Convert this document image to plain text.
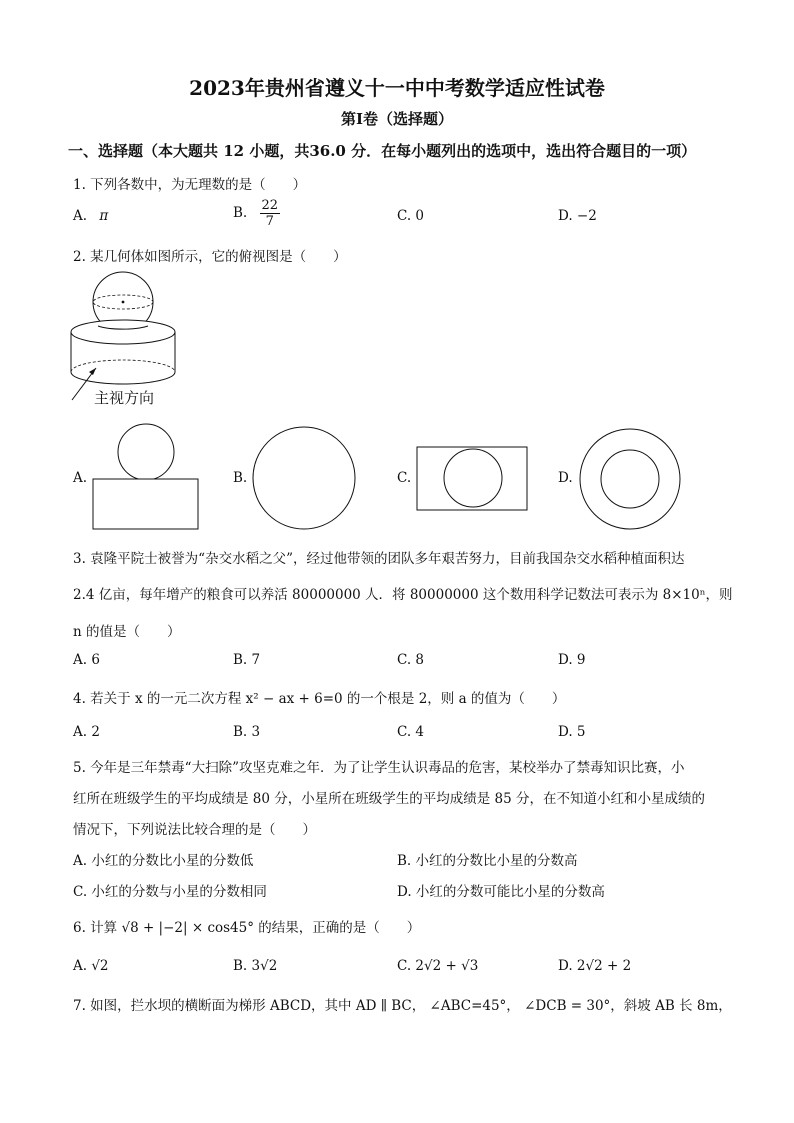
2023年贵州省遵义十一中中考数学适应性试卷
第Ⅰ卷（选择题）
一、选择题（本大题共 12 小题，共36.0 分．在每小题列出的选项中，选出符合题目的一项）
1. 下列各数中，为无理数的是（　　）
A. π	B. $\frac{22}{7}$	C. 0	D. −2
2. 某几何体如图所示，它的俯视图是（　　）
主视方向
A.	B.	C.	D.
3. 袁隆平院士被誉为“杂交水稻之父”，经过他带领的团队多年艰苦努力，目前我国杂交水稻种植面积达
2.4 亿亩，每年增产的粮食可以养活 80000000 人．将 80000000 这个数用科学记数法可表示为 8×10ⁿ，则
n 的值是（　　）
A. 6	B. 7	C. 8	D. 9
4. 若关于 x 的一元二次方程 x² − ax + 6=0 的一个根是 2，则 a 的值为（　　）
A. 2	B. 3	C. 4	D. 5
5. 今年是三年禁毒“大扫除”攻坚克难之年．为了让学生认识毒品的危害，某校举办了禁毒知识比赛，小
红所在班级学生的平均成绩是 80 分，小星所在班级学生的平均成绩是 85 分，在不知道小红和小星成绩的
情况下，下列说法比较合理的是（　　）
A. 小红的分数比小星的分数低	B. 小红的分数比小星的分数高
C. 小红的分数与小星的分数相同	D. 小红的分数可能比小星的分数高
6. 计算 √8 + |−2| × cos45° 的结果，正确的是（　　）
A. √2	B. 3√2	C. 2√2 + √3	D. 2√2 + 2
7. 如图，拦水坝的横断面为梯形 ABCD，其中 AD ∥ BC， ∠ABC=45°， ∠DCB = 30°，斜坡 AB 长 8m，
